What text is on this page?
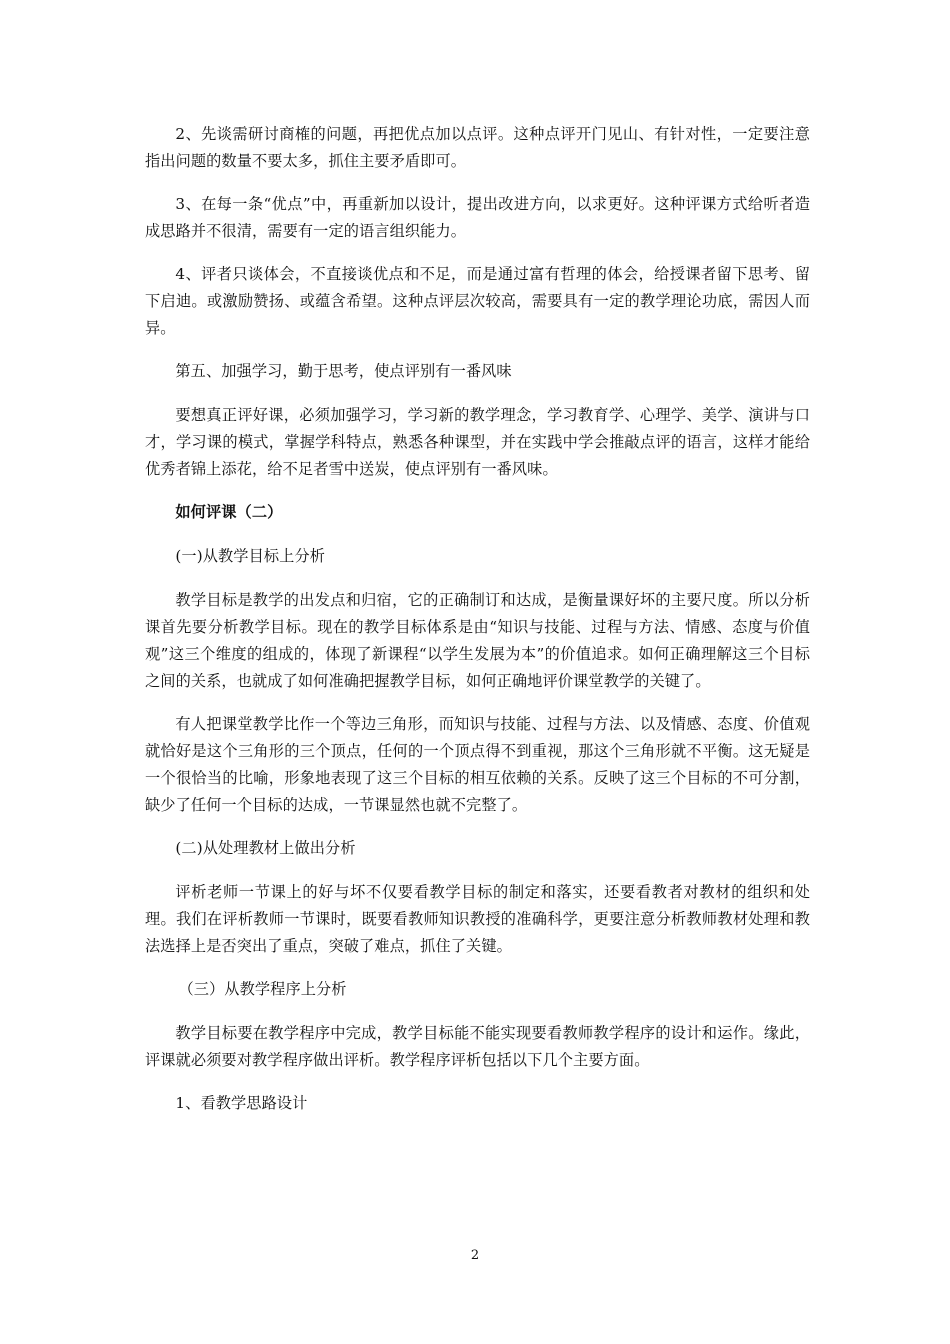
2、先谈需研讨商榷的问题，再把优点加以点评。这种点评开门见山、有针对性，一定要注意指出问题的数量不要太多，抓住主要矛盾即可。

3、在每一条“优点”中，再重新加以设计，提出改进方向，以求更好。这种评课方式给听者造成思路并不很清，需要有一定的语言组织能力。

4、评者只谈体会，不直接谈优点和不足，而是通过富有哲理的体会，给授课者留下思考、留下启迪。或激励赞扬、或蕴含希望。这种点评层次较高，需要具有一定的教学理论功底，需因人而异。

第五、加强学习，勤于思考，使点评别有一番风味

要想真正评好课，必须加强学习，学习新的教学理念，学习教育学、心理学、美学、演讲与口才，学习课的模式，掌握学科特点，熟悉各种课型，并在实践中学会推敲点评的语言，这样才能给优秀者锦上添花，给不足者雪中送炭，使点评别有一番风味。

如何评课（二）

(一)从教学目标上分析

教学目标是教学的出发点和归宿，它的正确制订和达成，是衡量课好坏的主要尺度。所以分析课首先要分析教学目标。现在的教学目标体系是由“知识与技能、过程与方法、情感、态度与价值观”这三个维度的组成的，体现了新课程“以学生发展为本”的价值追求。如何正确理解这三个目标之间的关系，也就成了如何准确把握教学目标，如何正确地评价课堂教学的关键了。

有人把课堂教学比作一个等边三角形，而知识与技能、过程与方法、以及情感、态度、价值观就恰好是这个三角形的三个顶点，任何的一个顶点得不到重视，那这个三角形就不平衡。这无疑是一个很恰当的比喻，形象地表现了这三个目标的相互依赖的关系。反映了这三个目标的不可分割，缺少了任何一个目标的达成，一节课显然也就不完整了。

(二)从处理教材上做出分析

评析老师一节课上的好与坏不仅要看教学目标的制定和落实，还要看教者对教材的组织和处理。我们在评析教师一节课时，既要看教师知识教授的准确科学，更要注意分析教师教材处理和教法选择上是否突出了重点，突破了难点，抓住了关键。

（三）从教学程序上分析

教学目标要在教学程序中完成，教学目标能不能实现要看教师教学程序的设计和运作。缘此，评课就必须要对教学程序做出评析。教学程序评析包括以下几个主要方面。

1、看教学思路设计

2
